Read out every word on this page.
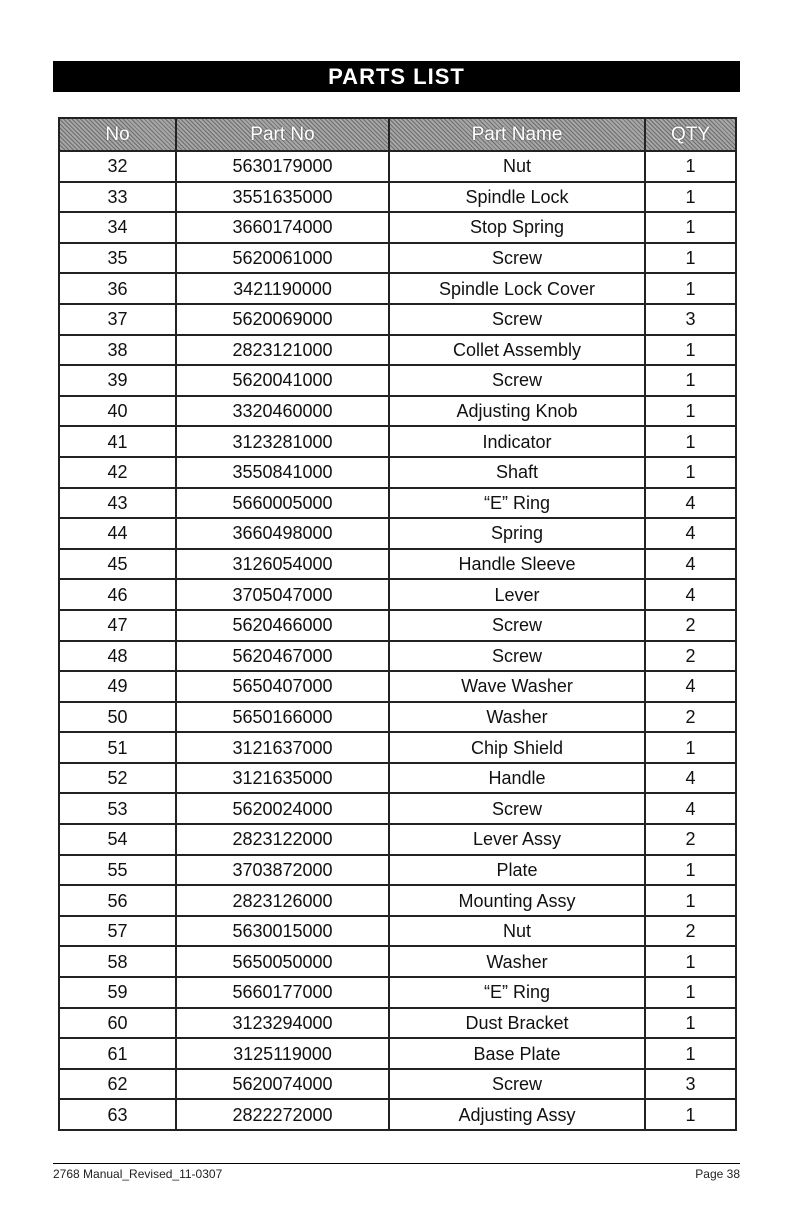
PARTS LIST
No	Part No	Part Name	QTY
32	5630179000	Nut	1
33	3551635000	Spindle Lock	1
34	3660174000	Stop Spring	1
35	5620061000	Screw	1
36	3421190000	Spindle Lock Cover	1
37	5620069000	Screw	3
38	2823121000	Collet Assembly	1
39	5620041000	Screw	1
40	3320460000	Adjusting Knob	1
41	3123281000	Indicator	1
42	3550841000	Shaft	1
43	5660005000	“E” Ring	4
44	3660498000	Spring	4
45	3126054000	Handle Sleeve	4
46	3705047000	Lever	4
47	5620466000	Screw	2
48	5620467000	Screw	2
49	5650407000	Wave Washer	4
50	5650166000	Washer	2
51	3121637000	Chip Shield	1
52	3121635000	Handle	4
53	5620024000	Screw	4
54	2823122000	Lever Assy	2
55	3703872000	Plate	1
56	2823126000	Mounting Assy	1
57	5630015000	Nut	2
58	5650050000	Washer	1
59	5660177000	“E” Ring	1
60	3123294000	Dust Bracket	1
61	3125119000	Base Plate	1
62	5620074000	Screw	3
63	2822272000	Adjusting Assy	1
2768 Manual_Revised_11-0307	Page 38
